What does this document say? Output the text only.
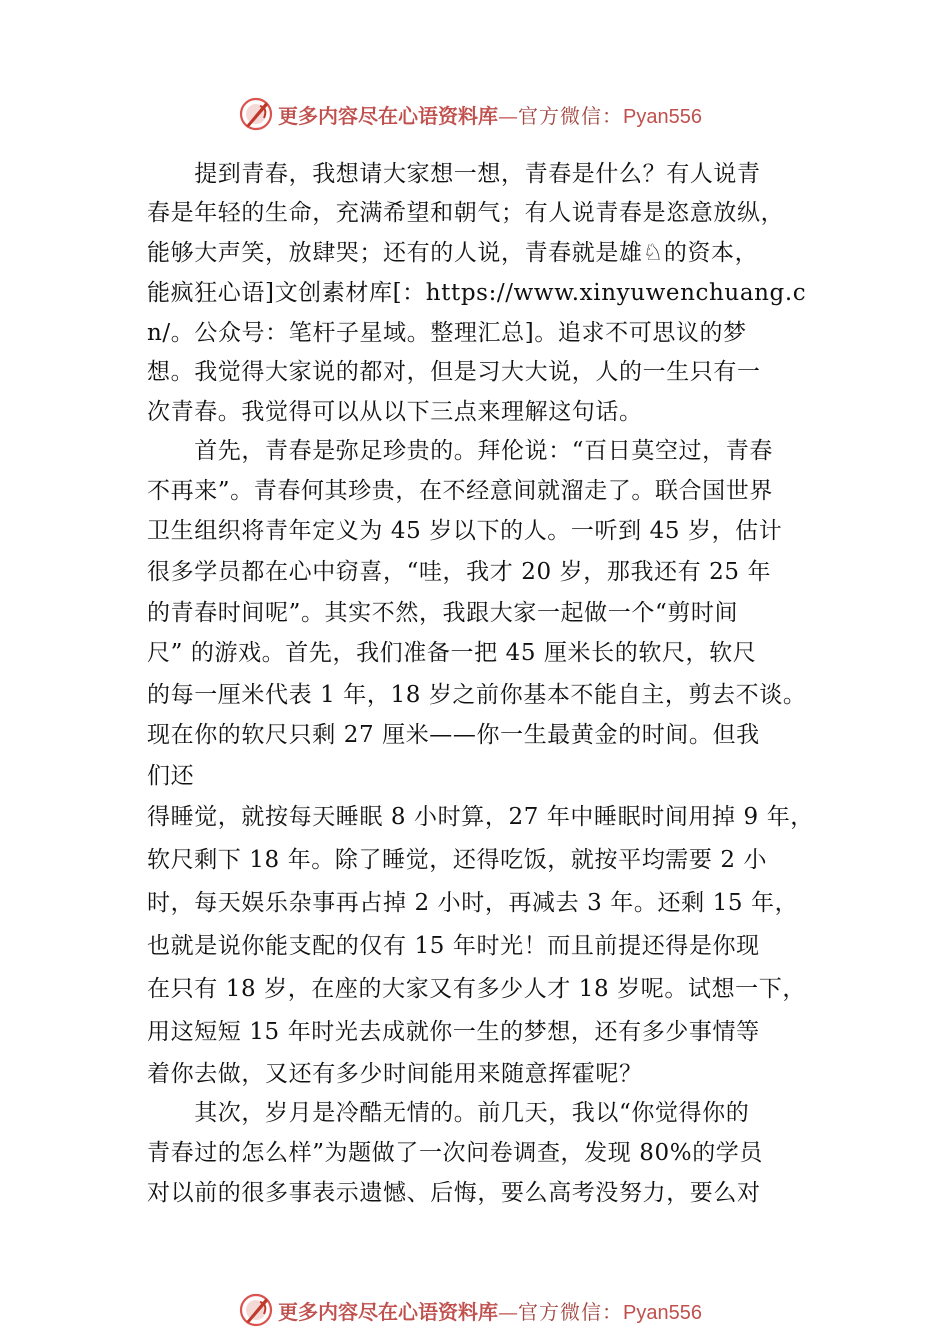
更多内容尽在心语资料库—官方微信：Pyan556
　　提到青春，我想请大家想一想，青春是什么？有人说青
春是年轻的生命，充满希望和朝气；有人说青春是恣意放纵，
能够大声笑，放肆哭；还有的人说，青春就是雄♘的资本，
能疯狂心语]文创素材库[：https://www.xinyuwenchuang.c
n/。公众号：笔杆子星域。整理汇总]。追求不可思议的梦
想。我觉得大家说的都对，但是习大大说，人的一生只有一
次青春。我觉得可以从以下三点来理解这句话。
　　首先，青春是弥足珍贵的。拜伦说：“百日莫空过，青春
不再来”。青春何其珍贵，在不经意间就溜走了。联合国世界
卫生组织将青年定义为 45 岁以下的人。一听到 45 岁，估计
很多学员都在心中窃喜，“哇，我才 20 岁，那我还有 25 年
的青春时间呢”。其实不然，我跟大家一起做一个“剪时间
尺” 的游戏。首先，我们准备一把 45 厘米长的软尺，软尺
的每一厘米代表 1 年，18 岁之前你基本不能自主，剪去不谈。
现在你的软尺只剩 27 厘米——你一生最黄金的时间。但我
们还
得睡觉，就按每天睡眠 8 小时算，27 年中睡眠时间用掉 9 年，
软尺剩下 18 年。除了睡觉，还得吃饭，就按平均需要 2 小
时，每天娱乐杂事再占掉 2 小时，再减去 3 年。还剩 15 年，
也就是说你能支配的仅有 15 年时光！而且前提还得是你现
在只有 18 岁，在座的大家又有多少人才 18 岁呢。试想一下，
用这短短 15 年时光去成就你一生的梦想，还有多少事情等
着你去做，又还有多少时间能用来随意挥霍呢？
　　其次，岁月是冷酷无情的。前几天，我以“你觉得你的
青春过的怎么样”为题做了一次问卷调查，发现 80%的学员
对以前的很多事表示遗憾、后悔，要么高考没努力，要么对
更多内容尽在心语资料库—官方微信：Pyan556
